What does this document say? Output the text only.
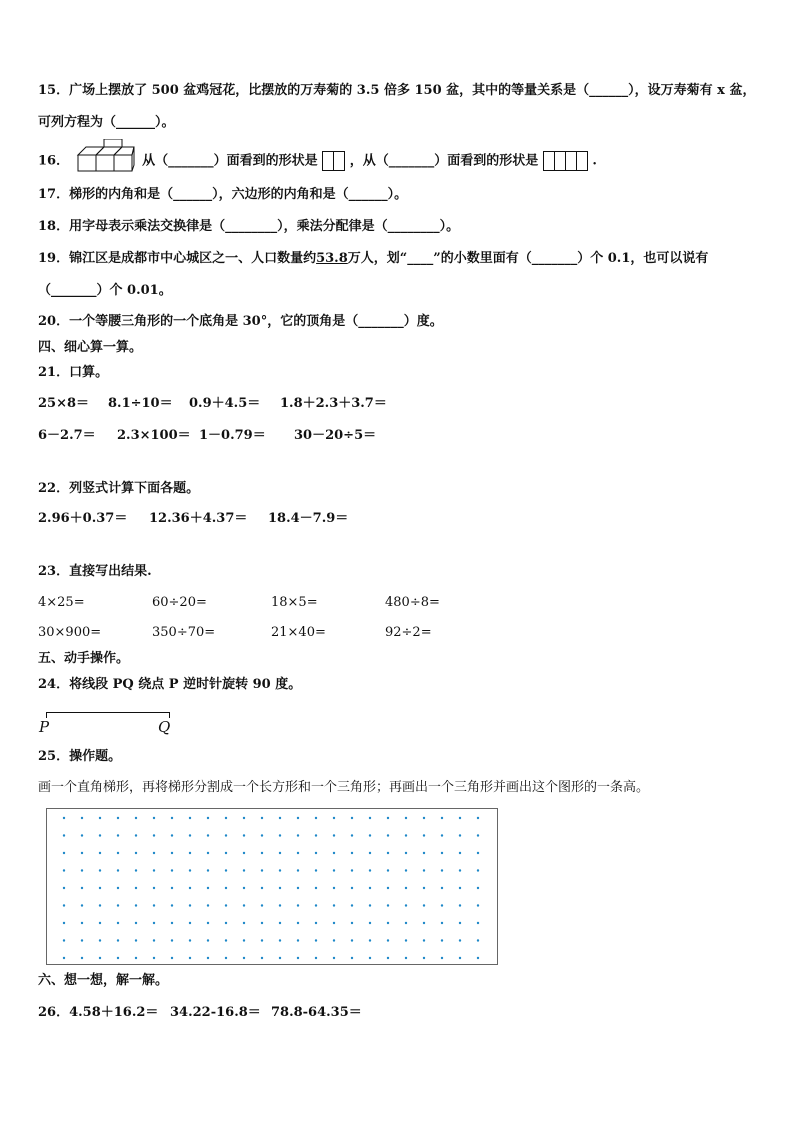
15．广场上摆放了 500 盆鸡冠花，比摆放的万寿菊的 3.5 倍多 150 盆，其中的等量关系是（______），设万寿菊有 x 盆，
可列方程为（______）。
16．	从（_______）面看到的形状是 ，从（_______）面看到的形状是	.
17．梯形的内角和是（______），六边形的内角和是（______）。
18．用字母表示乘法交换律是（________），乘法分配律是（________）。
19．锦江区是成都市中心城区之一、人口数量约53.8万人，划“____”的小数里面有（_______）个 0.1，也可以说有
（_______）个 0.01。
20．一个等腰三角形的一个底角是 30°，它的顶角是（_______）度。
四、细心算一算。
21．口算。
25×8＝ 8.1÷10＝ 0.9＋4.5＝ 1.8＋2.3＋3.7＝
6－2.7＝ 2.3×100＝ 1－0.79＝ 30－20÷5＝
22．列竖式计算下面各题。
2.96＋0.37＝ 12.36＋4.37＝ 18.4－7.9＝
23．直接写出结果.
4×25=	60÷20=	18×5=	480÷8=
30×900=	350÷70=	21×40=	92÷2=
五、动手操作。
24．将线段 PQ 绕点 P 逆时针旋转 90 度。
P	Q
25．操作题。
画一个直角梯形，再将梯形分割成一个长方形和一个三角形；再画出一个三角形并画出这个图形的一条高。
六、想一想，解一解。
26．4.58＋16.2＝ 34.22-16.8＝ 78.8-64.35＝
